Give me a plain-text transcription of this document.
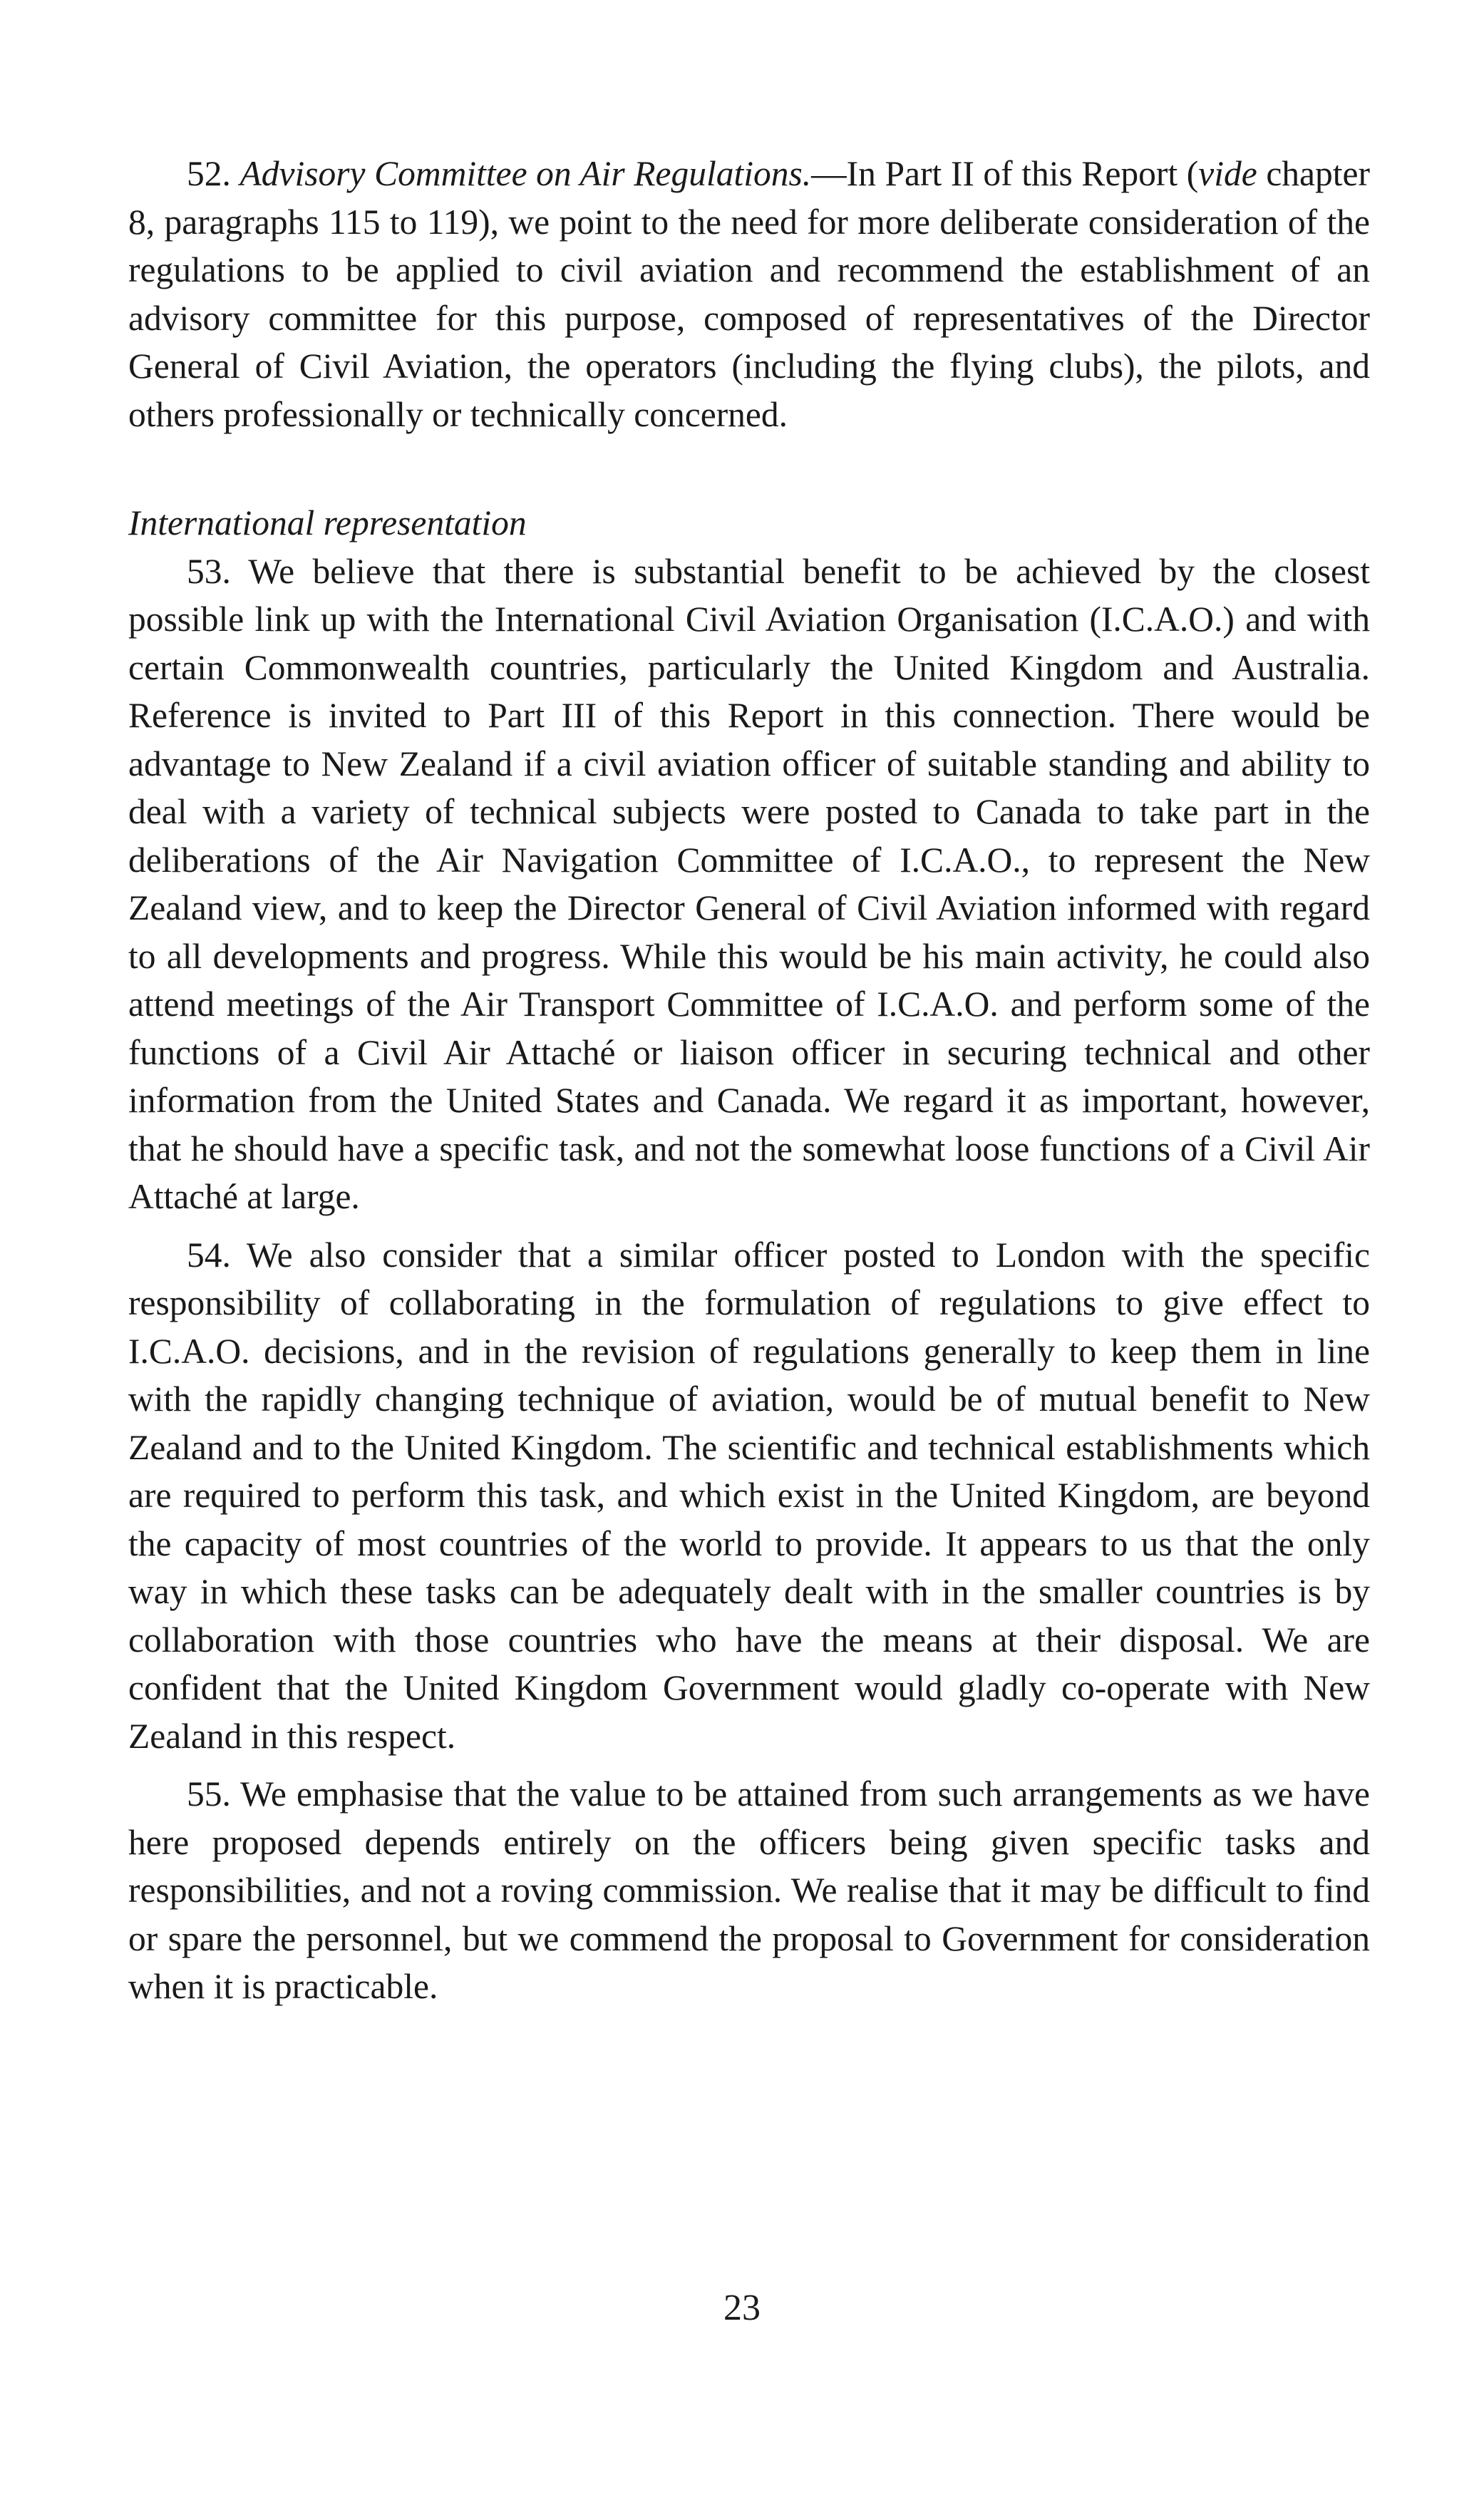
52. Advisory Committee on Air Regulations.—In Part II of this Report (vide chapter 8, paragraphs 115 to 119), we point to the need for more deliberate consideration of the regulations to be applied to civil aviation and recommend the establishment of an advisory committee for this purpose, composed of representatives of the Director General of Civil Aviation, the operators (including the flying clubs), the pilots, and others professionally or technically concerned.

International representation

53. We believe that there is substantial benefit to be achieved by the closest possible link up with the International Civil Aviation Organisation (I.C.A.O.) and with certain Commonwealth countries, particularly the United Kingdom and Australia. Reference is invited to Part III of this Report in this connection. There would be advantage to New Zealand if a civil aviation officer of suitable standing and ability to deal with a variety of technical subjects were posted to Canada to take part in the deliberations of the Air Navigation Committee of I.C.A.O., to represent the New Zealand view, and to keep the Director General of Civil Aviation informed with regard to all developments and progress. While this would be his main activity, he could also attend meetings of the Air Transport Committee of I.C.A.O. and perform some of the functions of a Civil Air Attaché or liaison officer in securing technical and other information from the United States and Canada. We regard it as important, however, that he should have a specific task, and not the somewhat loose functions of a Civil Air Attaché at large.

54. We also consider that a similar officer posted to London with the specific responsibility of collaborating in the formulation of regulations to give effect to I.C.A.O. decisions, and in the revision of regulations generally to keep them in line with the rapidly changing technique of aviation, would be of mutual benefit to New Zealand and to the United Kingdom. The scientific and technical establishments which are required to perform this task, and which exist in the United Kingdom, are beyond the capacity of most countries of the world to provide. It appears to us that the only way in which these tasks can be adequately dealt with in the smaller countries is by collaboration with those countries who have the means at their disposal. We are confident that the United Kingdom Government would gladly co-operate with New Zealand in this respect.

55. We emphasise that the value to be attained from such arrangements as we have here proposed depends entirely on the officers being given specific tasks and responsibilities, and not a roving commission. We realise that it may be difficult to find or spare the personnel, but we commend the proposal to Government for consideration when it is practicable.

23
